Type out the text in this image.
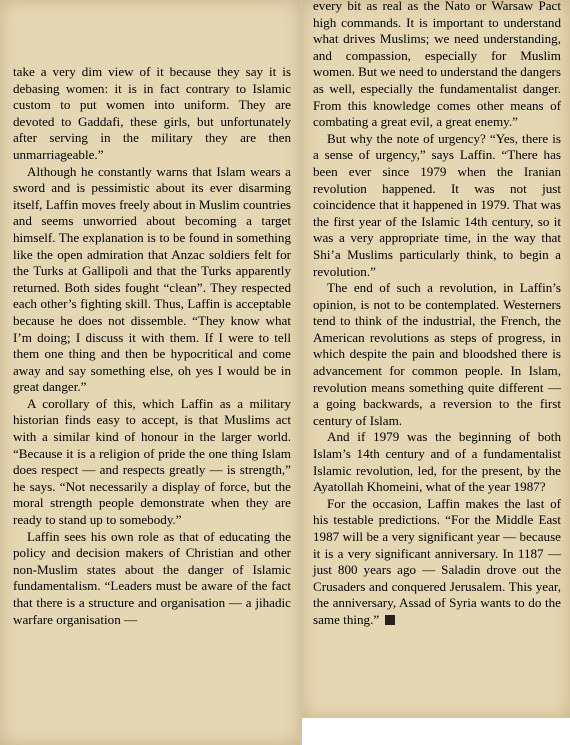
take a very dim view of it because they say it is debasing women: it is in fact contrary to Islamic custom to put women into uniform. They are devoted to Gaddafi, these girls, but unfortunately after serving in the military they are then unmarriageable.”

Although he constantly warns that Islam wears a sword and is pessimistic about its ever disarming itself, Laffin moves freely about in Muslim countries and seems unworried about becoming a target himself. The explanation is to be found in something like the open admiration that Anzac soldiers felt for the Turks at Gallipoli and that the Turks apparently returned. Both sides fought “clean”. They respected each other’s fighting skill. Thus, Laffin is acceptable because he does not dissemble. “They know what I’m doing; I discuss it with them. If I were to tell them one thing and then be hypocritical and come away and say something else, oh yes I would be in great danger.”

A corollary of this, which Laffin as a military historian finds easy to accept, is that Muslims act with a similar kind of honour in the larger world. “Because it is a religion of pride the one thing Islam does respect — and respects greatly — is strength,” he says. “Not necessarily a display of force, but the moral strength people demonstrate when they are ready to stand up to somebody.”

Laffin sees his own role as that of educating the policy and decision makers of Christian and other non-Muslim states about the danger of Islamic fundamentalism. “Leaders must be aware of the fact that there is a structure and organisation — a jihadic warfare organisation —

every bit as real as the Nato or Warsaw Pact high commands. It is important to understand what drives Muslims; we need understanding, and compassion, especially for Muslim women. But we need to understand the dangers as well, especially the fundamentalist danger. From this knowledge comes other means of combating a great evil, a great enemy.”

But why the note of urgency? “Yes, there is a sense of urgency,” says Laffin. “There has been ever since 1979 when the Iranian revolution happened. It was not just coincidence that it happened in 1979. That was the first year of the Islamic 14th century, so it was a very appropriate time, in the way that Shi’a Muslims particularly think, to begin a revolution.”

The end of such a revolution, in Laffin’s opinion, is not to be contemplated. Westerners tend to think of the industrial, the French, the American revolutions as steps of progress, in which despite the pain and bloodshed there is advancement for common people. In Islam, revolution means something quite different — a going backwards, a reversion to the first century of Islam.

And if 1979 was the beginning of both Islam’s 14th century and of a fundamentalist Islamic revolution, led, for the present, by the Ayatollah Khomeini, what of the year 1987?

For the occasion, Laffin makes the last of his testable predictions. “For the Middle East 1987 will be a very significant year — because it is a very significant anniversary. In 1187 — just 800 years ago — Saladin drove out the Crusaders and conquered Jerusalem. This year, the anniversary, Assad of Syria wants to do the same thing.”
